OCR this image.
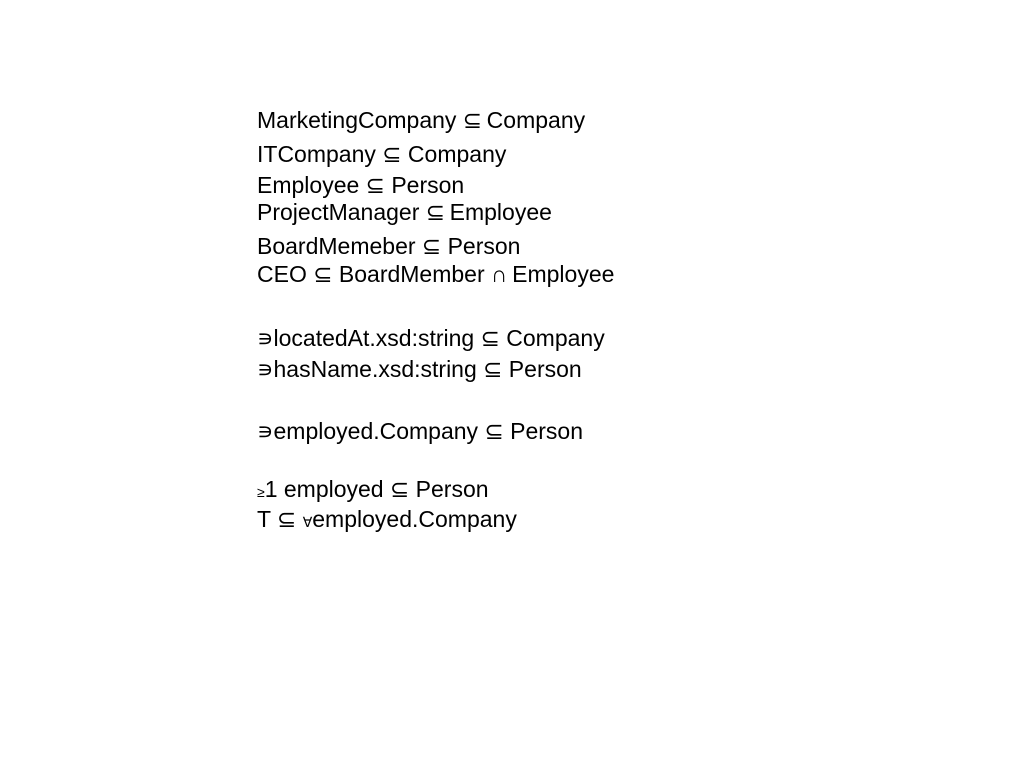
MarketingCompany ⊆ Company
ITCompany ⊆ Company
Employee ⊆ Person
ProjectManager ⊆ Employee
BoardMemeber ⊆ Person
CEO ⊆ BoardMember ∩ Employee
∍locatedAt.xsd:string ⊆ Company
∍hasName.xsd:string ⊆ Person
∍employed.Company ⊆ Person
≥1 employed ⊆ Person
T ⊆ ∀employed.Company
